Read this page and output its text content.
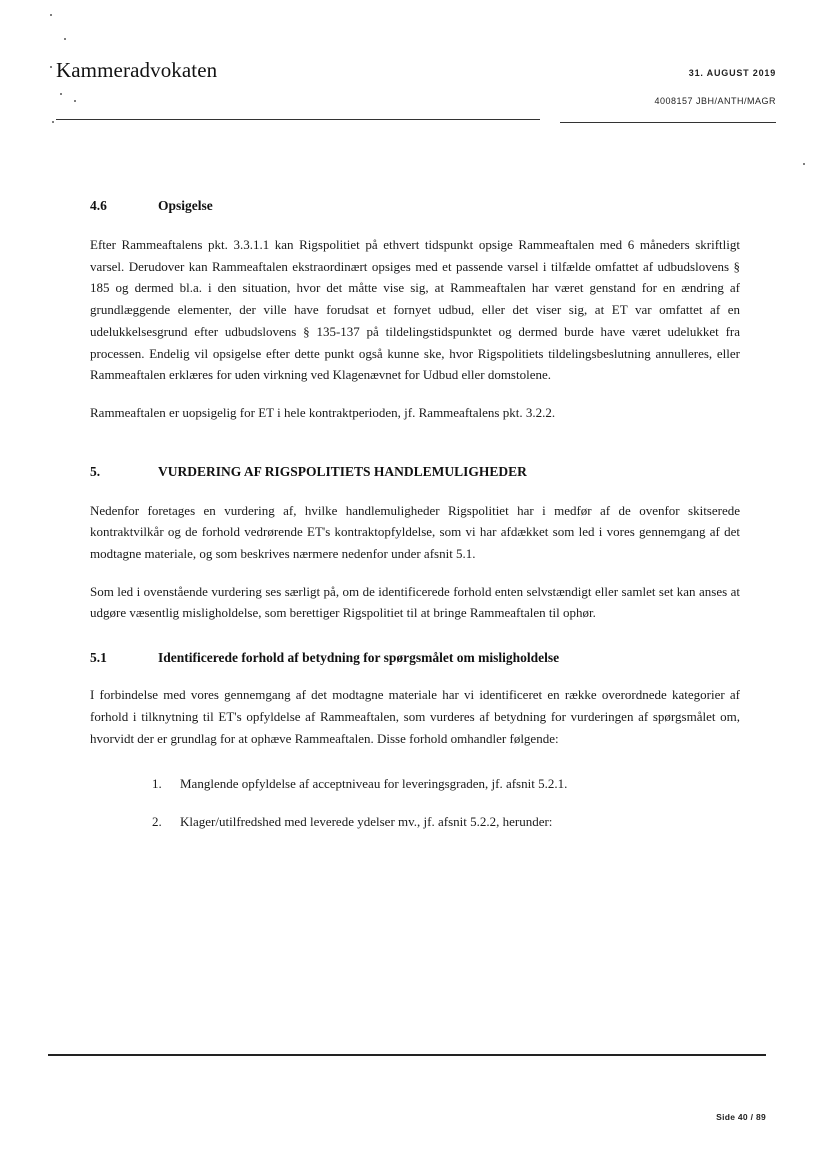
Kammeradvokaten	31. AUGUST 2019
4008157 JBH/ANTH/MAGR
4.6	Opsigelse

Efter Rammeaftalens pkt. 3.3.1.1 kan Rigspolitiet på ethvert tidspunkt opsige Rammeaftalen med 6 måneders skriftligt varsel. Derudover kan Rammeaftalen ekstraordinært opsiges med et passende varsel i tilfælde omfattet af udbudslovens § 185 og dermed bl.a. i den situation, hvor det måtte vise sig, at Rammeaftalen har været genstand for en ændring af grundlæggende elementer, der ville have forudsat et fornyet udbud, eller det viser sig, at ET var omfattet af en udelukkelsesgrund efter udbudslovens § 135-137 på tildelingstidspunktet og dermed burde have været udelukket fra processen. Endelig vil opsigelse efter dette punkt også kunne ske, hvor Rigspolitiets tildelingsbeslutning annulleres, eller Rammeaftalen erklæres for uden virkning ved Klagenævnet for Udbud eller domstolene.

Rammeaftalen er uopsigelig for ET i hele kontraktperioden, jf. Rammeaftalens pkt. 3.2.2.

5.	VURDERING AF RIGSPOLITIETS HANDLEMULIGHEDER

Nedenfor foretages en vurdering af, hvilke handlemuligheder Rigspolitiet har i medfør af de ovenfor skitserede kontraktvilkår og de forhold vedrørende ET's kontraktopfyldelse, som vi har afdækket som led i vores gennemgang af det modtagne materiale, og som beskrives nærmere nedenfor under afsnit 5.1.

Som led i ovenstående vurdering ses særligt på, om de identificerede forhold enten selvstændigt eller samlet set kan anses at udgøre væsentlig misligholdelse, som berettiger Rigspolitiet til at bringe Rammeaftalen til ophør.

5.1	Identificerede forhold af betydning for spørgsmålet om misligholdelse

I forbindelse med vores gennemgang af det modtagne materiale har vi identificeret en række overordnede kategorier af forhold i tilknytning til ET's opfyldelse af Rammeaftalen, som vurderes af betydning for vurderingen af spørgsmålet om, hvorvidt der er grundlag for at ophæve Rammeaftalen. Disse forhold omhandler følgende:

1.	Manglende opfyldelse af acceptniveau for leveringsgraden, jf. afsnit 5.2.1.
2.	Klager/utilfredshed med leverede ydelser mv., jf. afsnit 5.2.2, herunder:
Side 40 / 89
